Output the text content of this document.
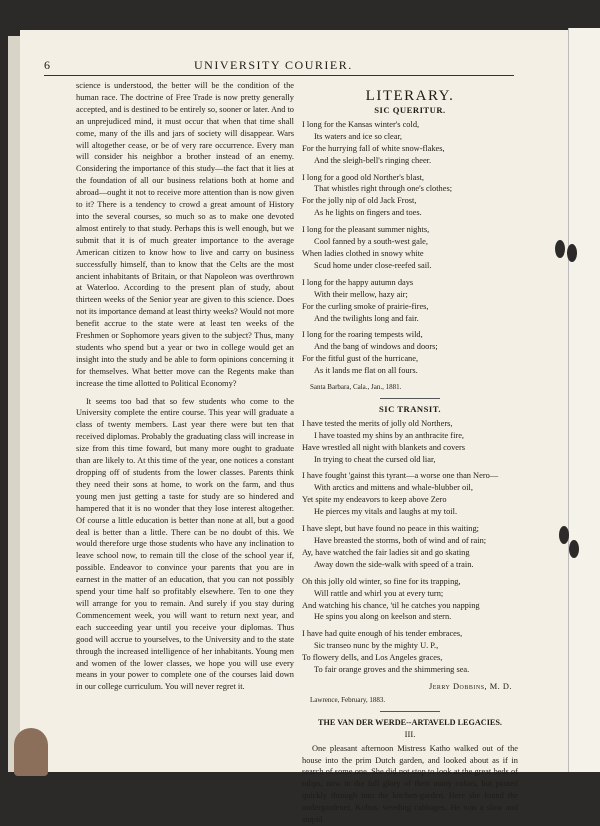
6	UNIVERSITY COURIER.

science is understood, the better will be the condition of the human race. The doctrine of Free Trade is now pretty generally accepted, and is destined to be entirely so, sooner or later. And to an unprejudiced mind, it must occur that when that time shall come, many of the ills and jars of society will disappear. Wars will altogether cease, or be of very rare occurrence. Every man will consider his neighbor a brother instead of an enemy. Considering the importance of this study—the fact that it lies at the foundation of all our business relations both at home and abroad—ought it not to receive more attention than is now given to it? There is a tendency to crowd a great amount of History into the several courses, so much so as to make one devoted almost entirely to that study. Perhaps this is well enough, but we submit that it is of much greater importance to the average American citizen to know how to live and carry on business successfully himself, than to know that the Celts are the most ancient inhabitants of Britain, or that Napoleon was overthrown at Waterloo. According to the present plan of study, about thirteen weeks of the Senior year are given to this science. Does not its importance demand at least thirty weeks? Would not more benefit accrue to the state were at least ten weeks of the Freshmen or Sophomore years given to the subject? Thus, many students who spend but a year or two in college would get an insight into the study and be able to form opinions concerning it for themselves. What better move can the Regents make than increase the time allotted to Political Economy?

It seems too bad that so few students who come to the University complete the entire course. This year will graduate a class of twenty members. Last year there were but ten that received diplomas. Probably the graduating class will increase in size from this time foward, but many more ought to graduate than are likely to. At this time of the year, one notices a constant dropping off of students from the lower classes. Parents think they need their sons at home, to work on the farm, and thus young men just getting a taste for study are so hindered and hampered that it is no wonder that they lose interest altogether. Of course a little education is better than none at all, but a good deal is better than a little. There can be no doubt of this. We would therefore urge those students who have any inclination to leave school now, to remain till the close of the school year if, possible. Endeavor to convince your parents that you are in earnest in the matter of an education, that you can not possibly spend your time half so profitably elsewhere. Ten to one they will arrange for you to remain. And surely if you stay during Commencement week, you will want to return next year, and each succeeding year until you receive your diplomas. Thus good will accrue to yourselves, to the University and to the state through the increased intelligence of her inhabitants. Young men and women of the lower classes, we hope you will use every means in your power to complete one of the courses laid down in our college curriculum. You will never regret it.

LITERARY.
SIC QUERITUR.
I long for the Kansas winter's cold,
Its waters and ice so clear,
For the hurrying fall of white snow-flakes,
And the sleigh-bell's ringing cheer.
I long for a good old Norther's blast,
That whistles right through one's clothes;
For the jolly nip of old Jack Frost,
As he lights on fingers and toes.
I long for the pleasant summer nights,
Cool fanned by a south-west gale,
When ladies clothed in snowy white
Scud home under close-reefed sail.
I long for the happy autumn days
With their mellow, hazy air;
For the curling smoke of prairie-fires,
And the twilights long and fair.
I long for the roaring tempests wild,
And the bang of windows and doors;
For the fitful gust of the hurricane,
As it lands me flat on all fours.
Santa Barbara, Cala., Jan., 1881.
SIC TRANSIT.
I have tested the merits of jolly old Northers,
I have toasted my shins by an anthracite fire,
Have wrestled all night with blankets and covers
In trying to cheat the cursed old liar,
I have fought 'gainst this tyrant—a worse one than Nero—
With arctics and mittens and whale-blubber oil,
Yet spite my endeavors to keep above Zero
He pierces my vitals and laughs at my toil.
I have slept, but have found no peace in this waiting;
Have breasted the storms, both of wind and of rain;
Ay, have watched the fair ladies sit and go skating
Away down the side-walk with speed of a train.
Oh this jolly old winter, so fine for its trapping,
Will rattle and whirl you at every turn;
And watching his chance, 'til he catches you napping
He spins you along on keelson and stern.
I have had quite enough of his tender embraces,
Sic transeo nunc by the mighty U. P.,
To flowery dells, and Los Angeles graces,
To fair orange groves and the shimmering sea.
Jerry Dobbins, M. D.
Lawrence, February, 1883.
THE VAN DER WERDE--ARTAVELD LEGACIES.
III.

One pleasant afternoon Mistress Katho walked out of the house into the prim Dutch garden, and looked about as if in search of some one. She did not stop to look at the great beds of tulips, now in the full glory of their many colors, but passed quickly through into the kitchen-garden. Here she found the undergardener, Kobus, weeding cabbages. He was a slow and stupid
